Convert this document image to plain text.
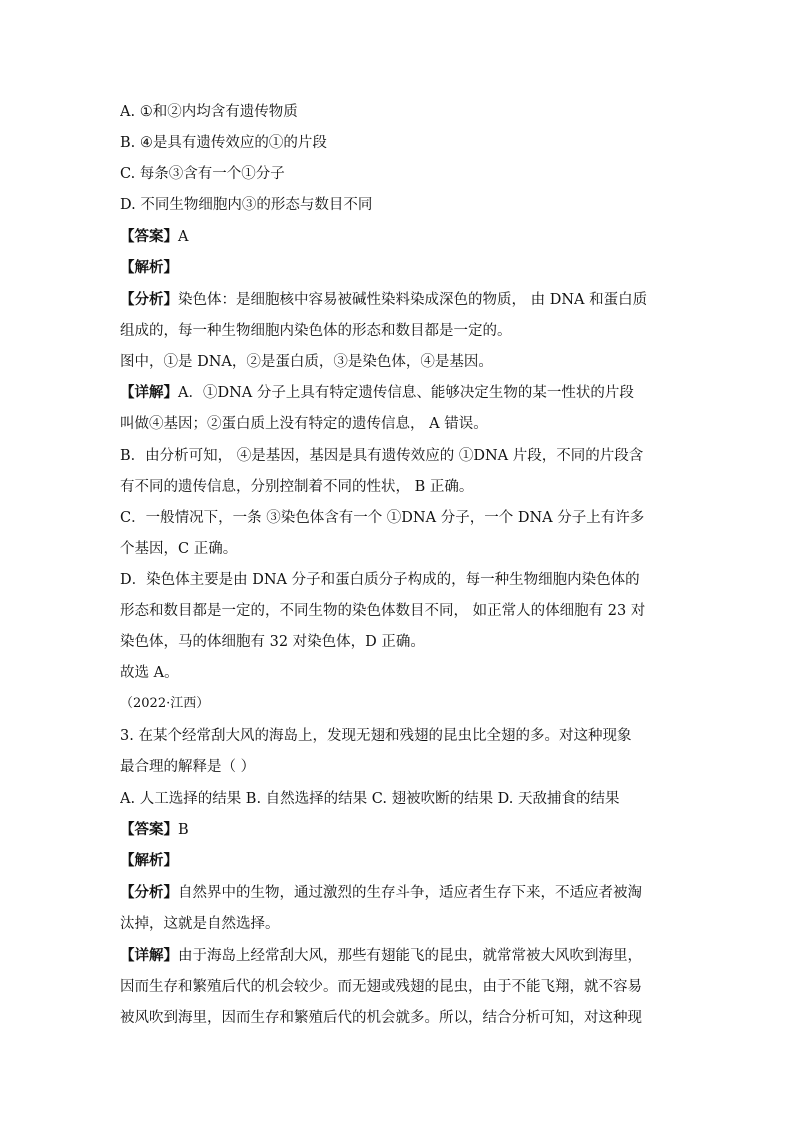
A. ①和②内均含有遗传物质
B. ④是具有遗传效应的①的片段
C. 每条③含有一个①分子
D. 不同生物细胞内③的形态与数目不同
【答案】A
【解析】
【分析】染色体：是细胞核中容易被碱性染料染成深色的物质， 由 DNA 和蛋白质
组成的，每一种生物细胞内染色体的形态和数目都是一定的。
图中，①是 DNA，②是蛋白质，③是染色体，④是基因。
【详解】A．①DNA 分子上具有特定遗传信息、能够决定生物的某一性状的片段
叫做④基因；②蛋白质上没有特定的遗传信息， A 错误。
B．由分析可知， ④是基因，基因是具有遗传效应的 ①DNA 片段，不同的片段含
有不同的遗传信息，分别控制着不同的性状， B 正确。
C．一般情况下，一条 ③染色体含有一个 ①DNA 分子，一个 DNA 分子上有许多
个基因，C 正确。
D．染色体主要是由 DNA 分子和蛋白质分子构成的，每一种生物细胞内染色体的
形态和数目都是一定的，不同生物的染色体数目不同， 如正常人的体细胞有 23 对
染色体，马的体细胞有 32 对染色体，D 正确。
故选 A。
（2022·江西）
3. 在某个经常刮大风的海岛上，发现无翅和残翅的昆虫比全翅的多。对这种现象
最合理的解释是（ ）
A. 人工选择的结果 B. 自然选择的结果 C. 翅被吹断的结果 D. 天敌捕食的结果
【答案】B
【解析】
【分析】自然界中的生物，通过激烈的生存斗争，适应者生存下来，不适应者被淘
汰掉，这就是自然选择。
【详解】由于海岛上经常刮大风，那些有翅能飞的昆虫，就常常被大风吹到海里，
因而生存和繁殖后代的机会较少。而无翅或残翅的昆虫，由于不能飞翔，就不容易
被风吹到海里，因而生存和繁殖后代的机会就多。所以，结合分析可知，对这种现
